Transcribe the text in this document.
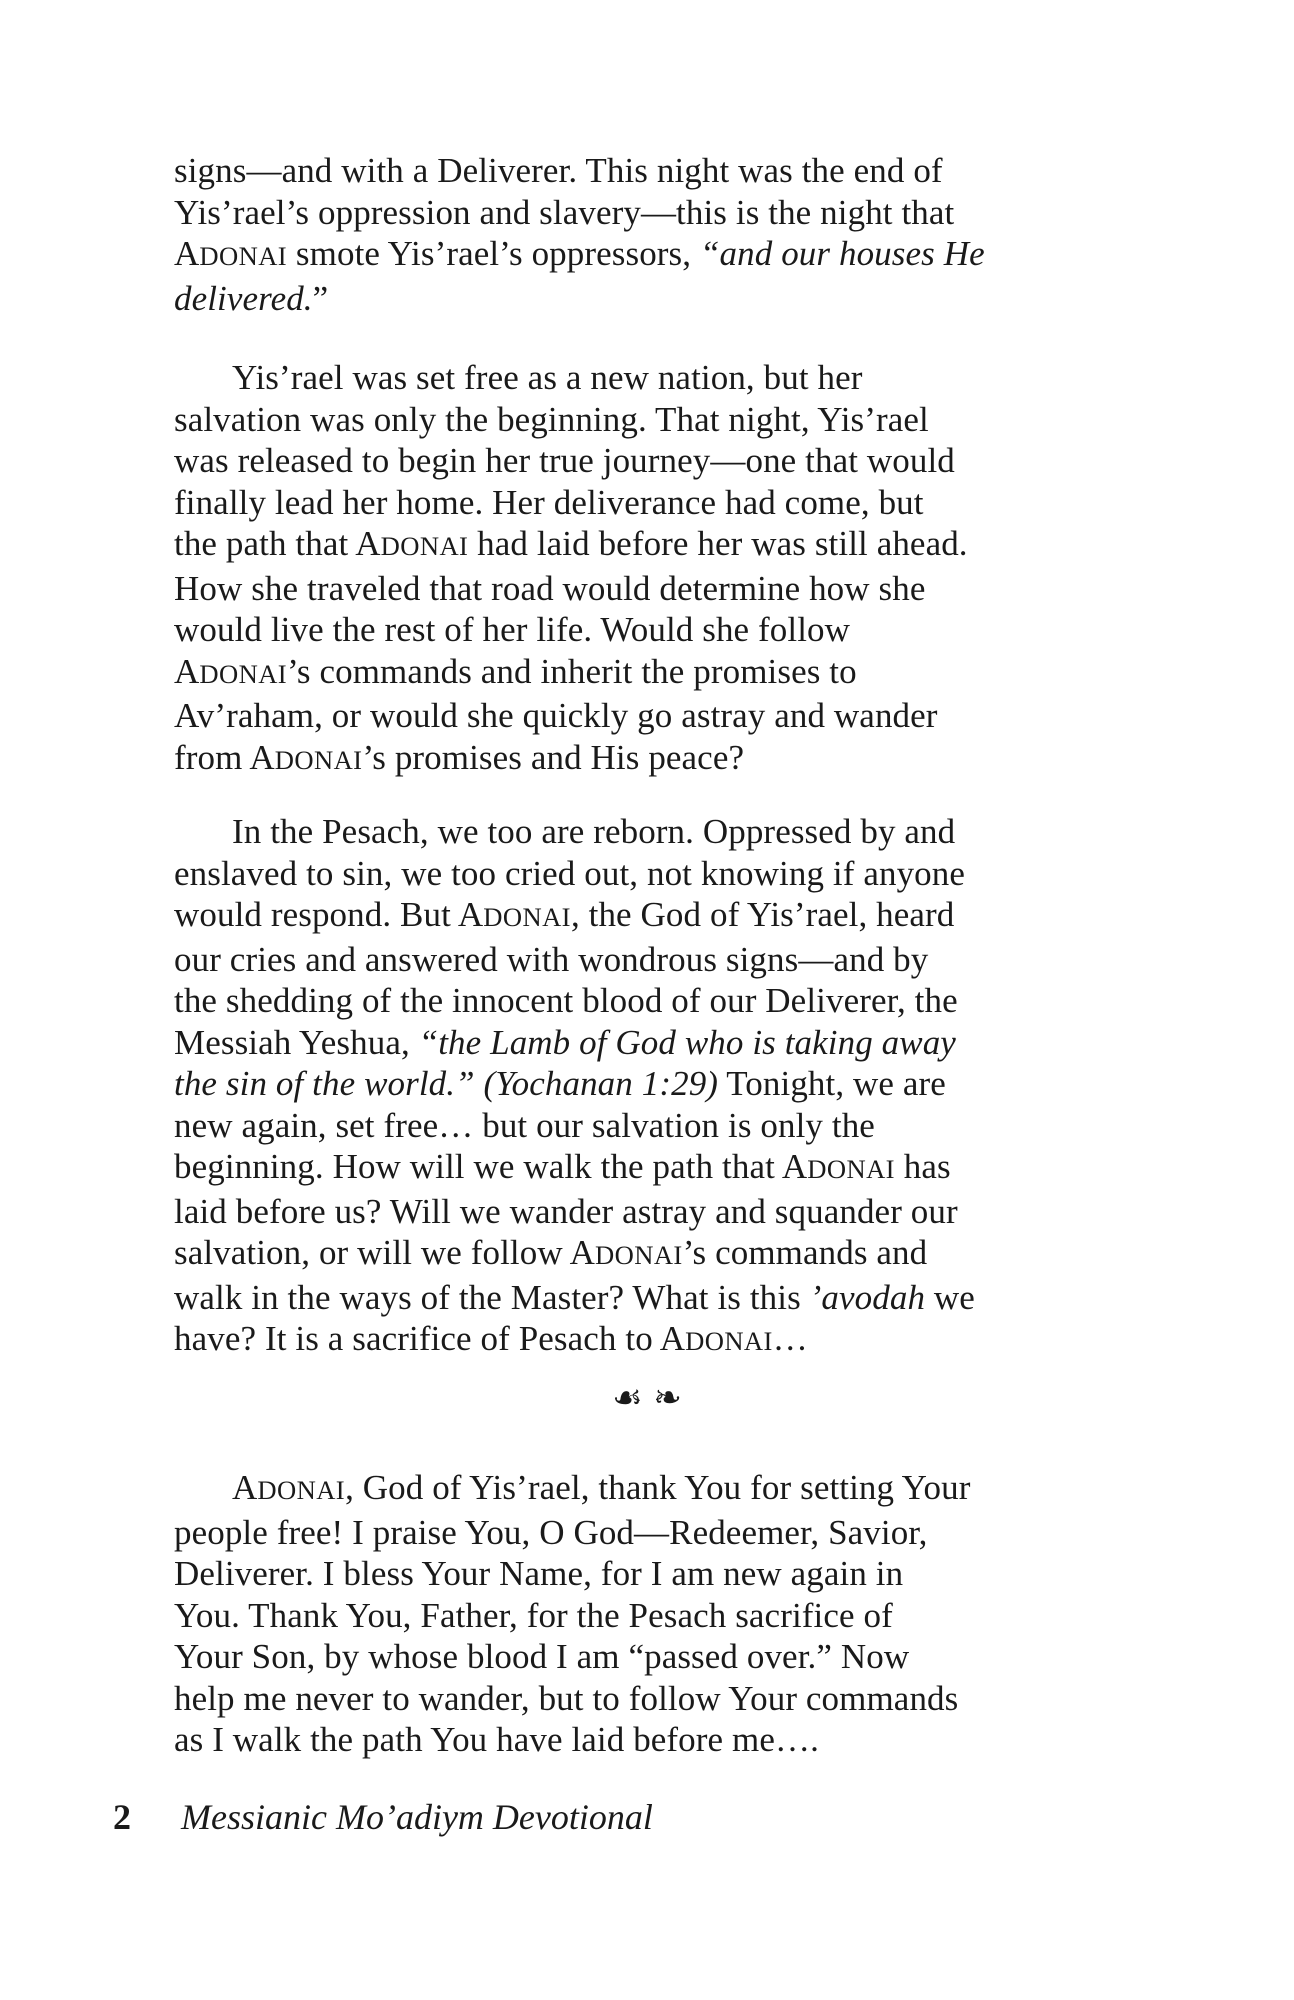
signs—and with a Deliverer. This night was the end of
Yis’rael’s oppression and slavery—this is the night that
ADONAI smote Yis’rael’s oppressors, “and our houses He
delivered.”
Yis’rael was set free as a new nation, but her
salvation was only the beginning. That night, Yis’rael
was released to begin her true journey—one that would
finally lead her home. Her deliverance had come, but
the path that ADONAI had laid before her was still ahead.
How she traveled that road would determine how she
would live the rest of her life. Would she follow
ADONAI’s commands and inherit the promises to
Av’raham, or would she quickly go astray and wander
from ADONAI’s promises and His peace?
In the Pesach, we too are reborn. Oppressed by and
enslaved to sin, we too cried out, not knowing if anyone
would respond. But ADONAI, the God of Yis’rael, heard
our cries and answered with wondrous signs—and by
the shedding of the innocent blood of our Deliverer, the
Messiah Yeshua, “the Lamb of God who is taking away
the sin of the world.” (Yochanan 1:29) Tonight, we are
new again, set free… but our salvation is only the
beginning. How will we walk the path that ADONAI has
laid before us? Will we wander astray and squander our
salvation, or will we follow ADONAI’s commands and
walk in the ways of the Master? What is this ’avodah we
have? It is a sacrifice of Pesach to ADONAI…
☙ ❧
ADONAI, God of Yis’rael, thank You for setting Your
people free! I praise You, O God—Redeemer, Savior,
Deliverer. I bless Your Name, for I am new again in
You. Thank You, Father, for the Pesach sacrifice of
Your Son, by whose blood I am “passed over.” Now
help me never to wander, but to follow Your commands
as I walk the path You have laid before me….
2 Messianic Mo’adiym Devotional
